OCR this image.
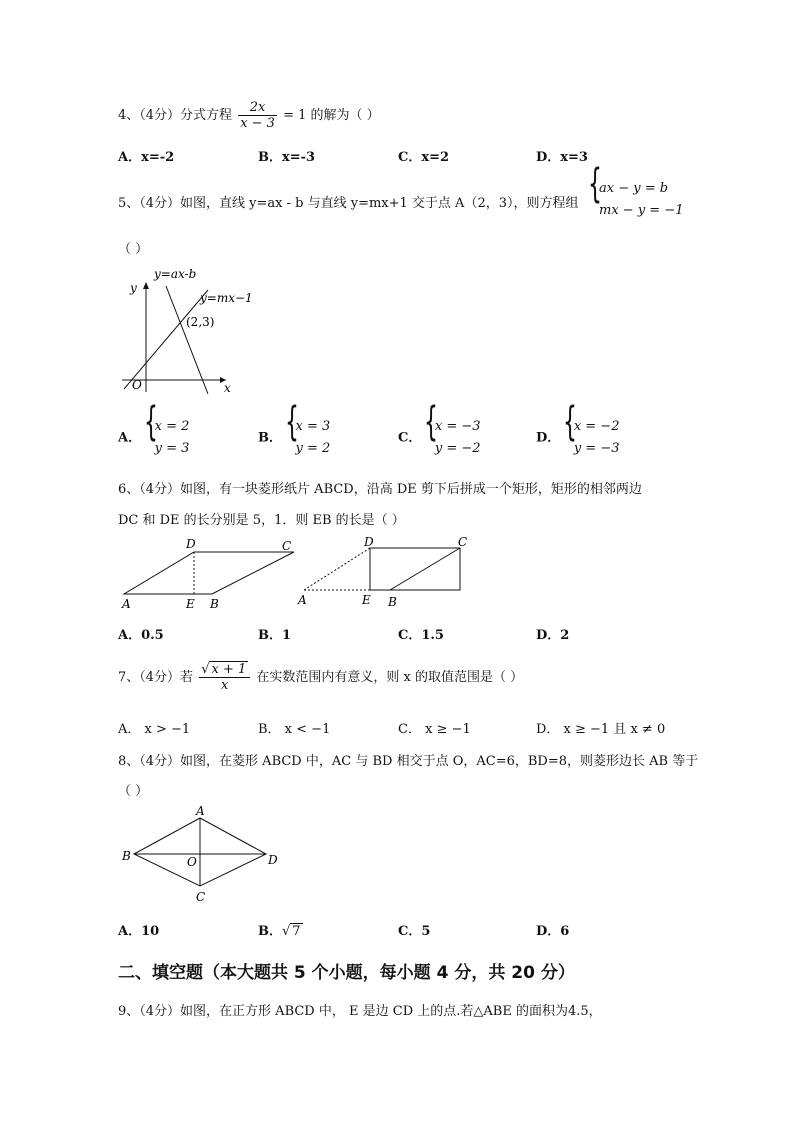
4、（4分）分式方程 $\frac{2x}{x - 3} = 1$ 的解为（ ）
A．x=-2	B．x=-3	C．x=2	D．x=3
5、（4分）如图，直线 y=ax - b 与直线 y=mx+1 交于点 A（2，3），则方程组
{ ax − y = b
mx − y = −1
（ ）
y
x
O
y=ax-b
y=mx−1
(2,3)
A．
{ x = 2
y = 3
B．
{ x = 3
y = 2
C．
{ x = −3
y = −2
D．
{ x = −2
y = −3
6、（4分）如图，有一块菱形纸片 ABCD，沿高 DE 剪下后拼成一个矩形，矩形的相邻两边
DC 和 DE 的长分别是 5，1．则 EB 的长是（ ）
A
D	C
E B	A
D	C
E B
A．0.5	B．1	C．1.5	D．2
7、（4分）若 $\frac{√ x + 1}{x}$ 在实数范围内有意义，则 x 的取值范围是（ ）
A． x > −1	B． x < −1	C． x ≥ −1	D． x ≥ −1 且 x ≠ 0
8、（4分）如图，在菱形 ABCD 中，AC 与 BD 相交于点 O，AC=6，BD=8，则菱形边长 AB 等于
（ ）
A
B	D
C
O
A．10	B．√ 7	C．5	D．6
二、填空题（本大题共 5 个小题，每小题 4 分，共 20 分）
9、（4分）如图，在正方形 ABCD 中， E 是边 CD 上的点.若△ABE 的面积为4.5，
